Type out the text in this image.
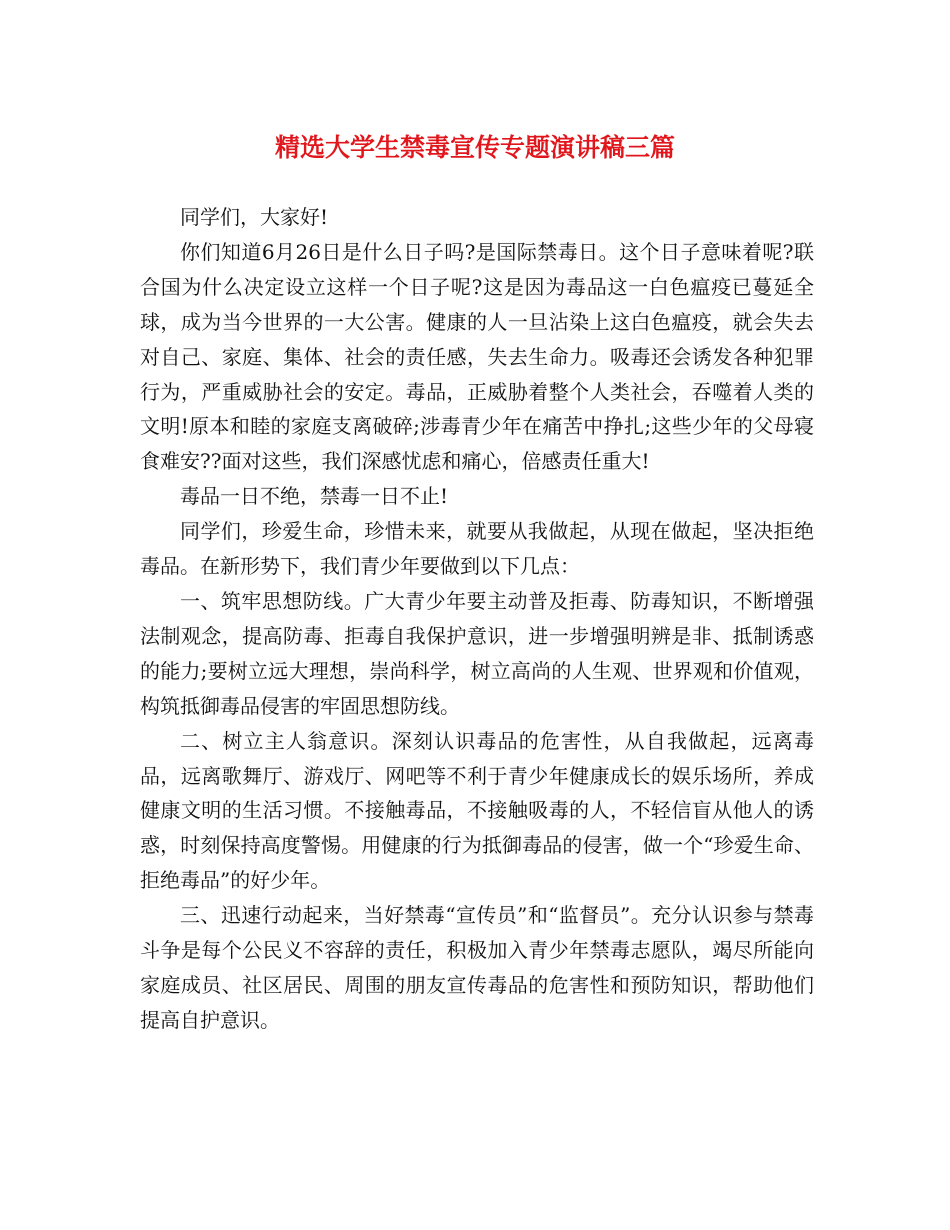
精选大学生禁毒宣传专题演讲稿三篇

同学们，大家好!

你们知道6月26日是什么日子吗?是国际禁毒日。这个日子意味着呢?联合国为什么决定设立这样一个日子呢?这是因为毒品这一白色瘟疫已蔓延全球，成为当今世界的一大公害。健康的人一旦沾染上这白色瘟疫，就会失去对自己、家庭、集体、社会的责任感，失去生命力。吸毒还会诱发各种犯罪行为，严重威胁社会的安定。毒品，正威胁着整个人类社会，吞噬着人类的文明!原本和睦的家庭支离破碎;涉毒青少年在痛苦中挣扎;这些少年的父母寝食难安??面对这些，我们深感忧虑和痛心，倍感责任重大!

毒品一日不绝，禁毒一日不止!

同学们，珍爱生命，珍惜未来，就要从我做起，从现在做起，坚决拒绝毒品。在新形势下，我们青少年要做到以下几点：

一、筑牢思想防线。广大青少年要主动普及拒毒、防毒知识，不断增强法制观念，提高防毒、拒毒自我保护意识，进一步增强明辨是非、抵制诱惑的能力;要树立远大理想，崇尚科学，树立高尚的人生观、世界观和价值观，构筑抵御毒品侵害的牢固思想防线。

二、树立主人翁意识。深刻认识毒品的危害性，从自我做起，远离毒品，远离歌舞厅、游戏厅、网吧等不利于青少年健康成长的娱乐场所，养成健康文明的生活习惯。不接触毒品，不接触吸毒的人，不轻信盲从他人的诱惑，时刻保持高度警惕。用健康的行为抵御毒品的侵害，做一个“珍爱生命、拒绝毒品”的好少年。

三、迅速行动起来，当好禁毒“宣传员”和“监督员”。充分认识参与禁毒斗争是每个公民义不容辞的责任，积极加入青少年禁毒志愿队，竭尽所能向家庭成员、社区居民、周围的朋友宣传毒品的危害性和预防知识，帮助他们提高自护意识。
